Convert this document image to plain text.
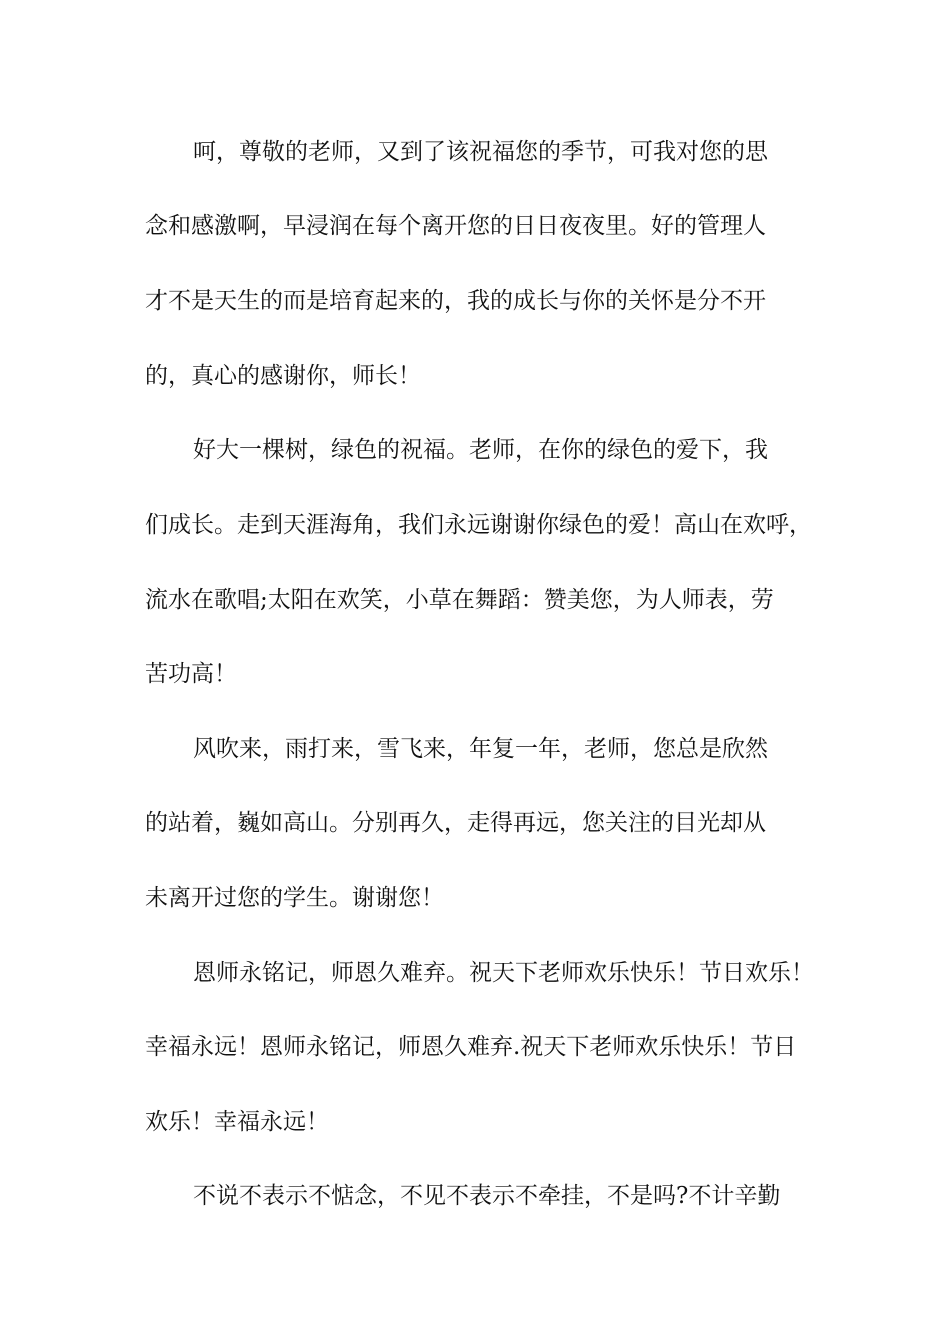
呵，尊敬的老师，又到了该祝福您的季节，可我对您的思

念和感激啊，早浸润在每个离开您的日日夜夜里。好的管理人

才不是天生的而是培育起来的，我的成长与你的关怀是分不开

的，真心的感谢你，师长！

好大一棵树，绿色的祝福。老师，在你的绿色的爱下，我

们成长。走到天涯海角，我们永远谢谢你绿色的爱！高山在欢呼，

流水在歌唱;太阳在欢笑，小草在舞蹈：赞美您，为人师表，劳

苦功高！

风吹来，雨打来，雪飞来，年复一年，老师，您总是欣然

的站着，巍如高山。分别再久，走得再远，您关注的目光却从

未离开过您的学生。谢谢您！

恩师永铭记，师恩久难弃。祝天下老师欢乐快乐！节日欢乐！

幸福永远！恩师永铭记，师恩久难弃.祝天下老师欢乐快乐！节日

欢乐！幸福永远！

不说不表示不惦念，不见不表示不牵挂，不是吗?不计辛勤
